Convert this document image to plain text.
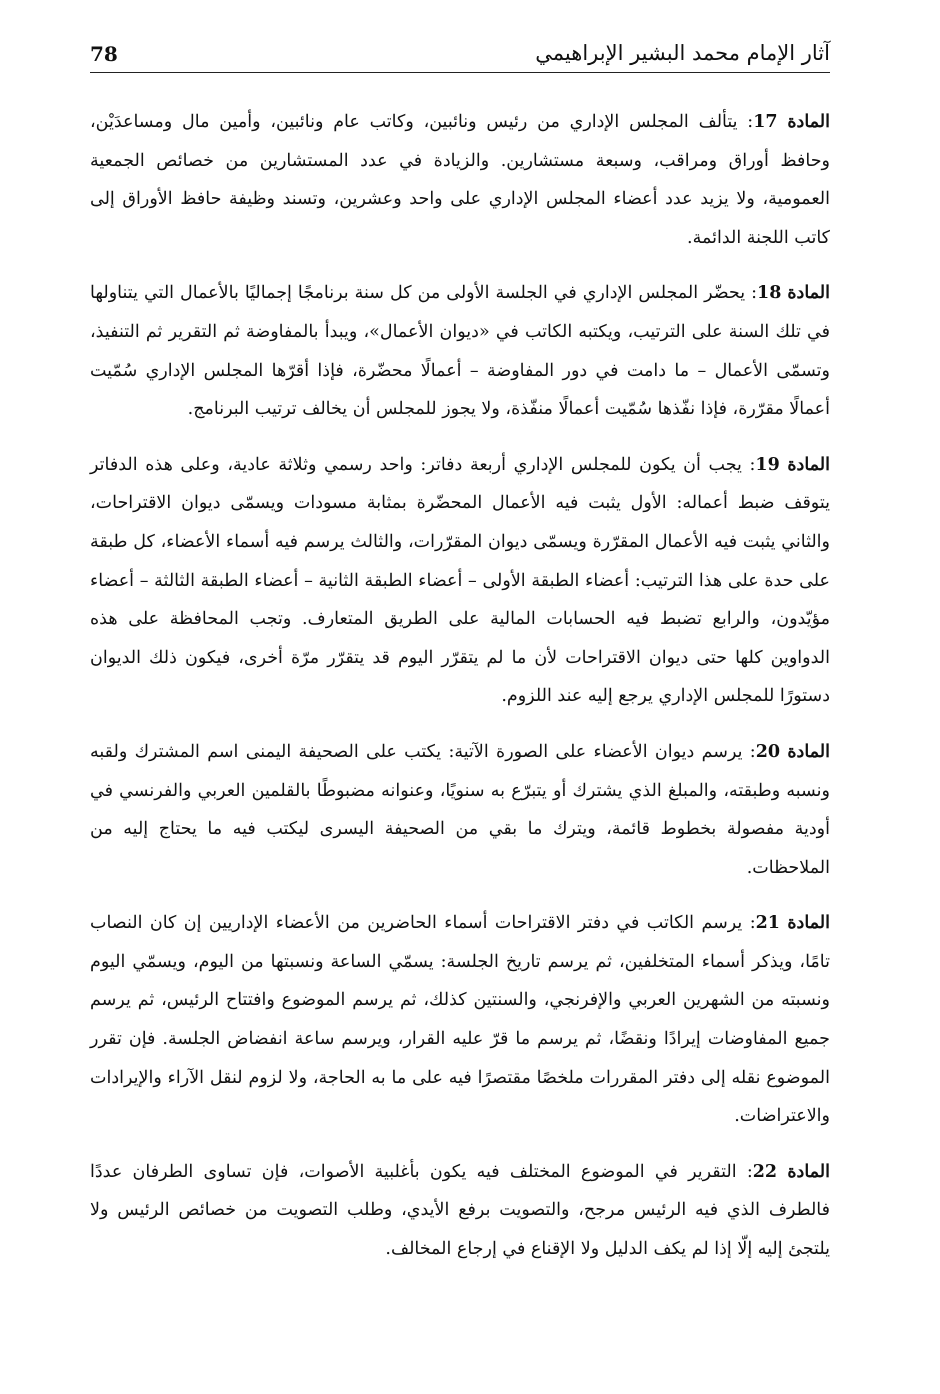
78	آثار الإمام محمد البشير الإبراهيمي

المادة 17: يتألف المجلس الإداري من رئيس ونائبين، وكاتب عام ونائبين، وأمين مال ومساعدَيْن، وحافظ أوراق ومراقب، وسبعة مستشارين. والزيادة في عدد المستشارين من خصائص الجمعية العمومية، ولا يزيد عدد أعضاء المجلس الإداري على واحد وعشرين، وتسند وظيفة حافظ الأوراق إلى كاتب اللجنة الدائمة.

المادة 18: يحضّر المجلس الإداري في الجلسة الأولى من كل سنة برنامجًا إجماليًا بالأعمال التي يتناولها في تلك السنة على الترتيب، ويكتبه الكاتب في «ديوان الأعمال»، ويبدأ بالمفاوضة ثم التقرير ثم التنفيذ، وتسمّى الأعمال – ما دامت في دور المفاوضة – أعمالًا محضّرة، فإذا أقرّها المجلس الإداري سُمّيت أعمالًا مقرّرة، فإذا نفّذها سُمّيت أعمالًا منفّذة، ولا يجوز للمجلس أن يخالف ترتيب البرنامج.

المادة 19: يجب أن يكون للمجلس الإداري أربعة دفاتر: واحد رسمي وثلاثة عادية، وعلى هذه الدفاتر يتوقف ضبط أعماله: الأول يثبت فيه الأعمال المحضّرة بمثابة مسودات ويسمّى ديوان الاقتراحات، والثاني يثبت فيه الأعمال المقرّرة ويسمّى ديوان المقرّرات، والثالث يرسم فيه أسماء الأعضاء، كل طبقة على حدة على هذا الترتيب: أعضاء الطبقة الأولى – أعضاء الطبقة الثانية – أعضاء الطبقة الثالثة – أعضاء مؤيّدون، والرابع تضبط فيه الحسابات المالية على الطريق المتعارف. وتجب المحافظة على هذه الدواوين كلها حتى ديوان الاقتراحات لأن ما لم يتقرّر اليوم قد يتقرّر مرّة أخرى، فيكون ذلك الديوان دستورًا للمجلس الإداري يرجع إليه عند اللزوم.

المادة 20: يرسم ديوان الأعضاء على الصورة الآتية: يكتب على الصحيفة اليمنى اسم المشترك ولقبه ونسبه وطبقته، والمبلغ الذي يشترك أو يتبرّع به سنويًا، وعنوانه مضبوطًا بالقلمين العربي والفرنسي في أودية مفصولة بخطوط قائمة، ويترك ما بقي من الصحيفة اليسرى ليكتب فيه ما يحتاج إليه من الملاحظات.

المادة 21: يرسم الكاتب في دفتر الاقتراحات أسماء الحاضرين من الأعضاء الإداريين إن كان النصاب تامًا، ويذكر أسماء المتخلفين، ثم يرسم تاريخ الجلسة: يسمّي الساعة ونسبتها من اليوم، ويسمّي اليوم ونسبته من الشهرين العربي والإفرنجي، والسنتين كذلك، ثم يرسم الموضوع وافتتاح الرئيس، ثم يرسم جميع المفاوضات إيرادًا ونقضًا، ثم يرسم ما قرّ عليه القرار، ويرسم ساعة انفضاض الجلسة. فإن تقرر الموضوع نقله إلى دفتر المقررات ملخصًا مقتصرًا فيه على ما به الحاجة، ولا لزوم لنقل الآراء والإيرادات والاعتراضات.

المادة 22: التقرير في الموضوع المختلف فيه يكون بأغلبية الأصوات، فإن تساوى الطرفان عددًا فالطرف الذي فيه الرئيس مرجح، والتصويت برفع الأيدي، وطلب التصويت من خصائص الرئيس ولا يلتجئ إليه إلّا إذا لم يكف الدليل ولا الإقناع في إرجاع المخالف.
